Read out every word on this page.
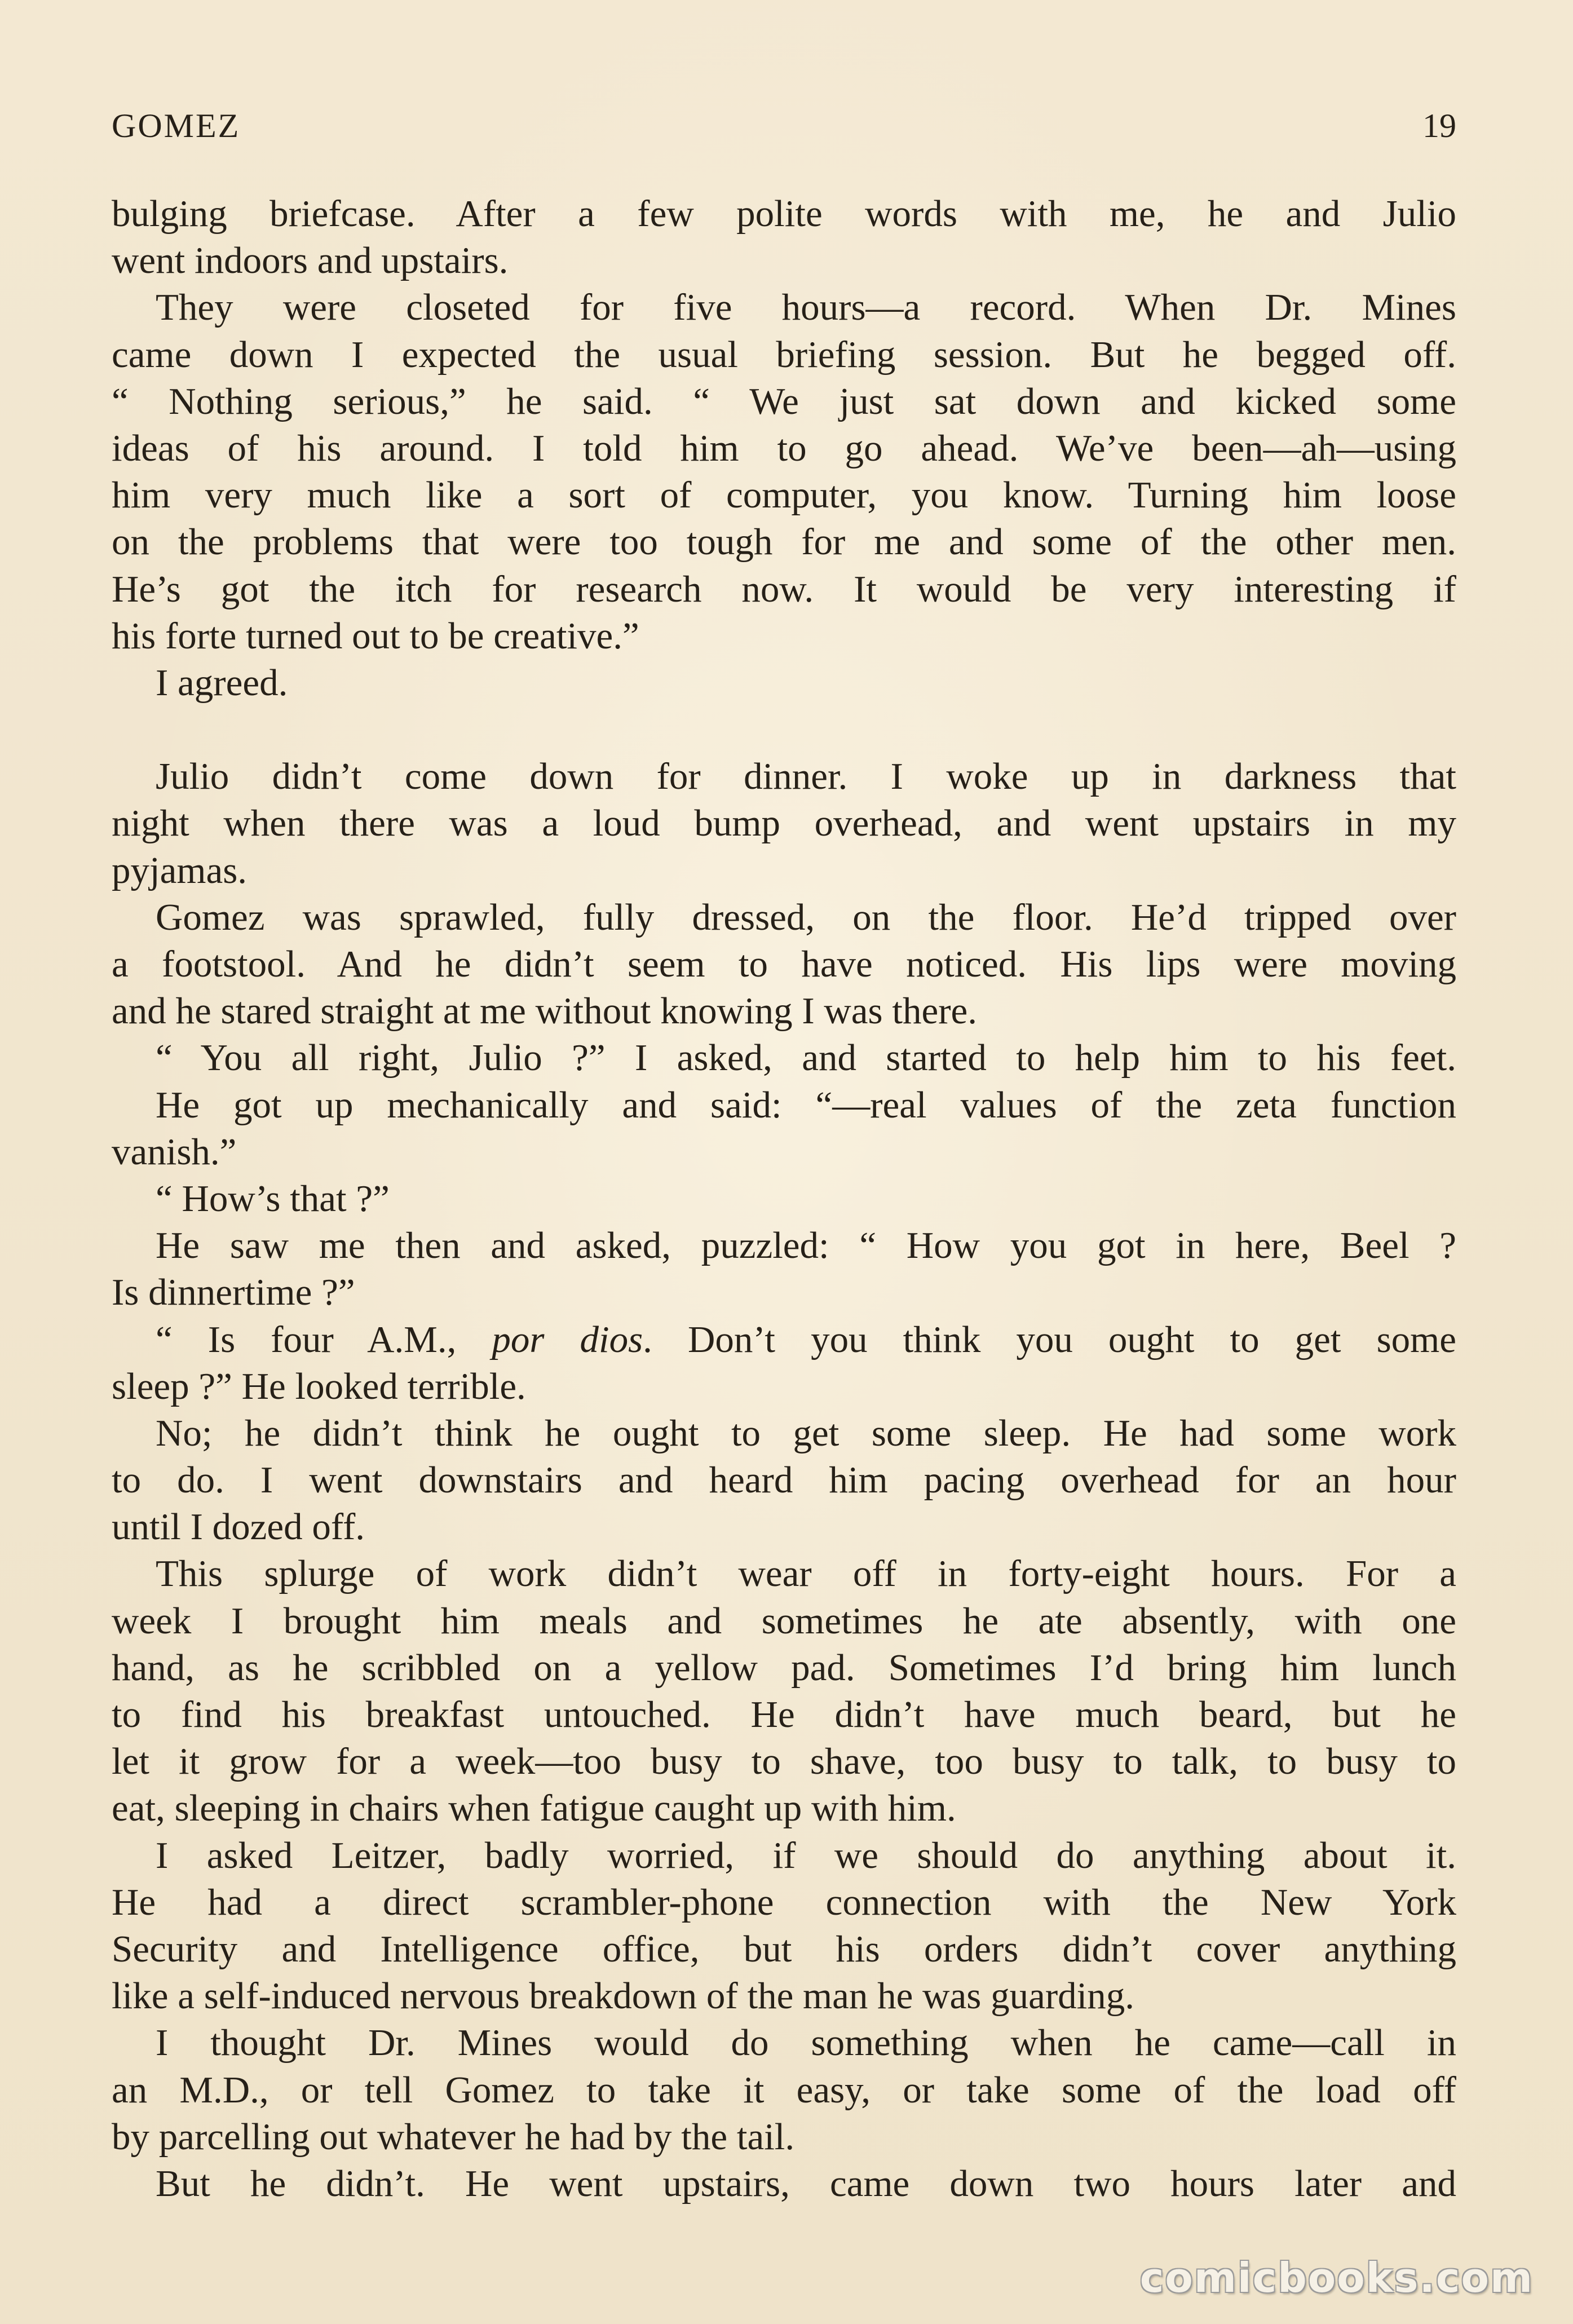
GOMEZ	19
bulging briefcase. After a few polite words with me, he and Julio
went indoors and upstairs.
They were closeted for five hours—a record. When Dr. Mines
came down I expected the usual briefing session. But he begged off.
“ Nothing serious,” he said. “ We just sat down and kicked some
ideas of his around. I told him to go ahead. We’ve been—ah—using
him very much like a sort of computer, you know. Turning him loose
on the problems that were too tough for me and some of the other men.
He’s got the itch for research now. It would be very interesting if
his forte turned out to be creative.”
I agreed.
Julio didn’t come down for dinner. I woke up in darkness that
night when there was a loud bump overhead, and went upstairs in my
pyjamas.
Gomez was sprawled, fully dressed, on the floor. He’d tripped over
a footstool. And he didn’t seem to have noticed. His lips were moving
and he stared straight at me without knowing I was there.
“ You all right, Julio ?” I asked, and started to help him to his feet.
He got up mechanically and said: “—real values of the zeta function
vanish.”
“ How’s that ?”
He saw me then and asked, puzzled: “ How you got in here, Beel ?
Is dinnertime ?”
“ Is four A.M., por dios. Don’t you think you ought to get some
sleep ?” He looked terrible.
No; he didn’t think he ought to get some sleep. He had some work
to do. I went downstairs and heard him pacing overhead for an hour
until I dozed off.
This splurge of work didn’t wear off in forty-eight hours. For a
week I brought him meals and sometimes he ate absently, with one
hand, as he scribbled on a yellow pad. Sometimes I’d bring him lunch
to find his breakfast untouched. He didn’t have much beard, but he
let it grow for a week—too busy to shave, too busy to talk, to busy to
eat, sleeping in chairs when fatigue caught up with him.
I asked Leitzer, badly worried, if we should do anything about it.
He had a direct scrambler-phone connection with the New York
Security and Intelligence office, but his orders didn’t cover anything
like a self-induced nervous breakdown of the man he was guarding.
I thought Dr. Mines would do something when he came—call in
an M.D., or tell Gomez to take it easy, or take some of the load off
by parcelling out whatever he had by the tail.
But he didn’t. He went upstairs, came down two hours later and
comicbooks.com
